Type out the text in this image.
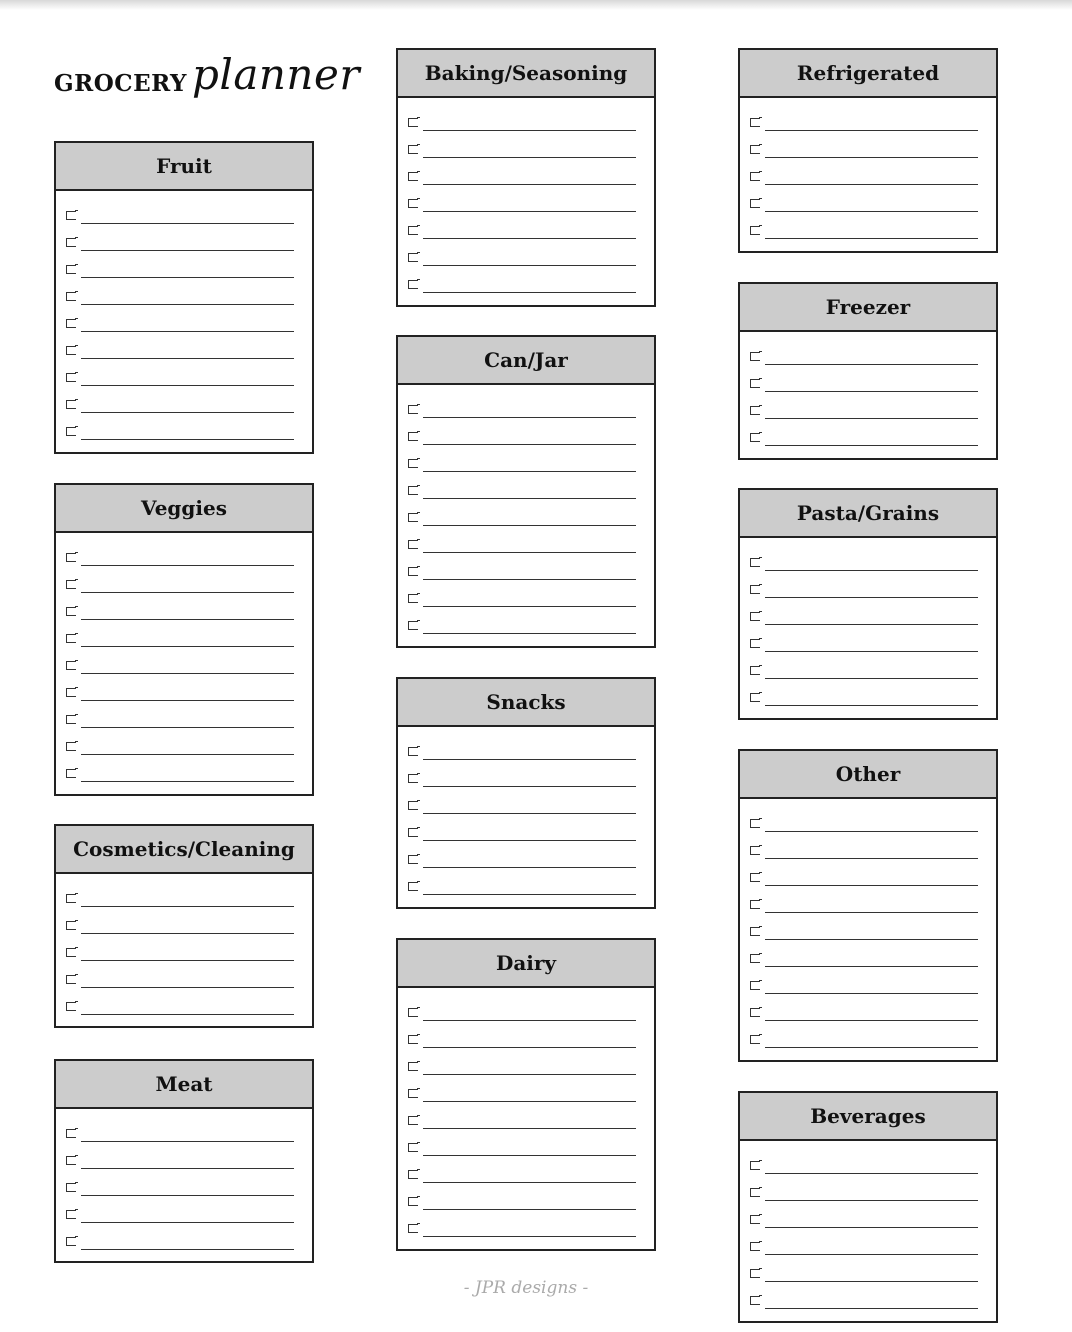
GROCERY planner
Fruit
Veggies
Cosmetics/Cleaning
Meat
Baking/Seasoning
Can/Jar
Snacks
Dairy
Refrigerated
Freezer
Pasta/Grains
Other
Beverages
- JPR designs -
